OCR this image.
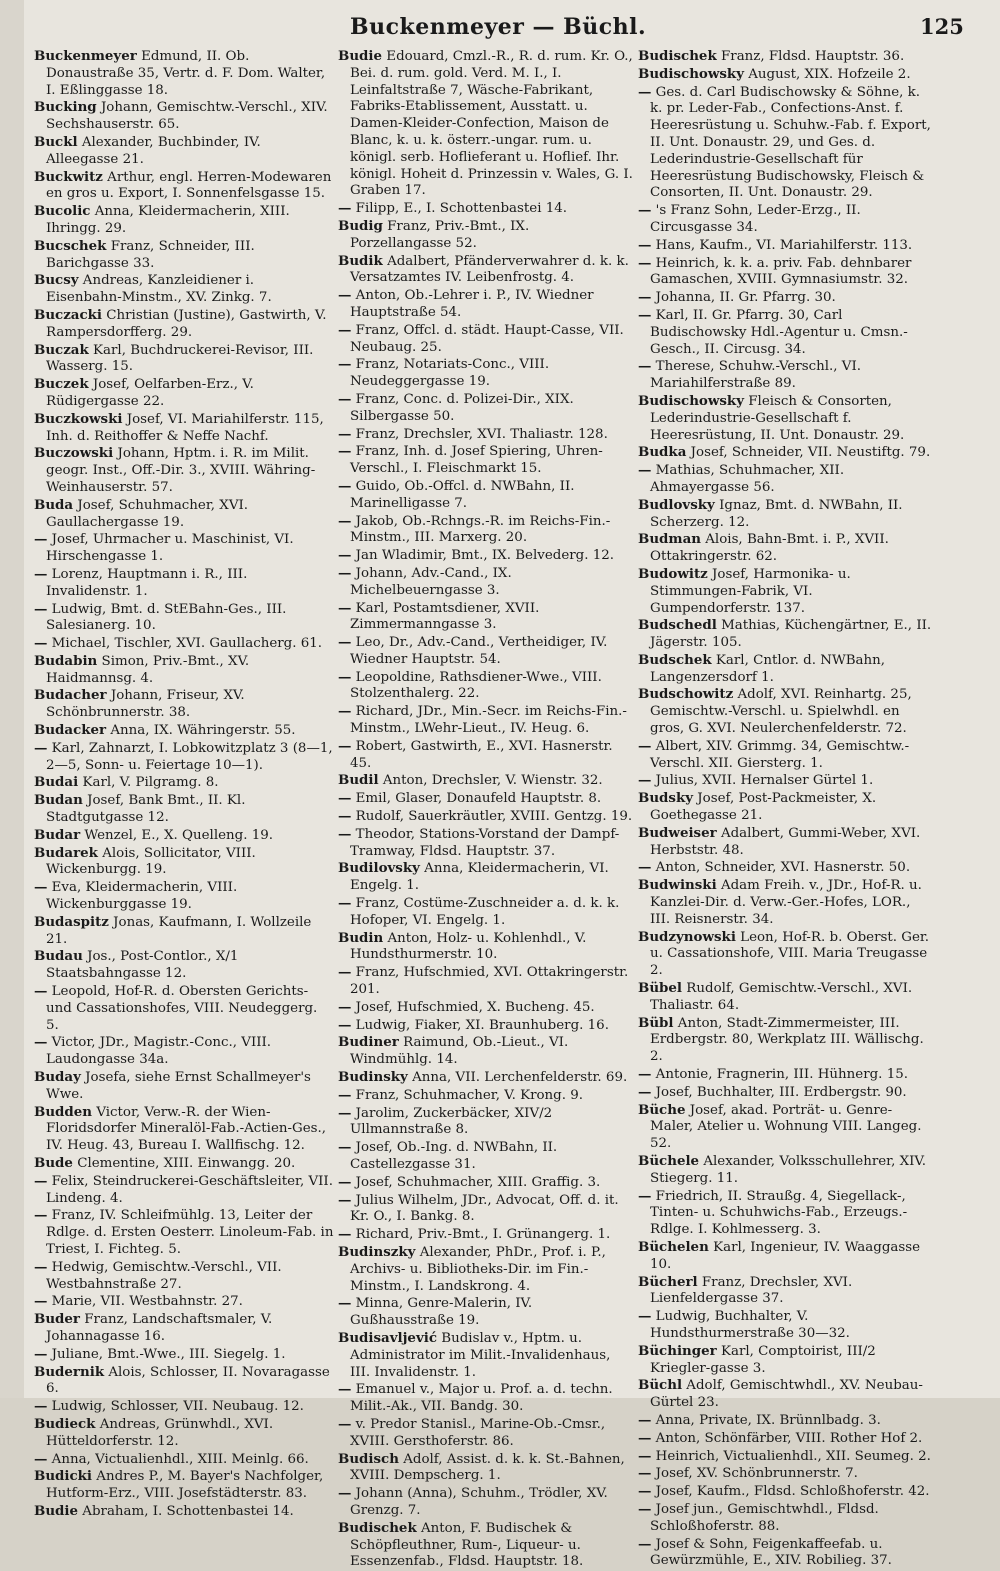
Buckenmeyer — Büchl.	125

Buckenmeyer Edmund, II. Ob. Donaustraße 35, Vertr. d. F. Dom. Walter, I. Eßlinggasse 18.

Bucking Johann, Gemischtw.-Verschl., XIV. Sechshauserstr. 65.

Buckl Alexander, Buchbinder, IV. Alleegasse 21.

Buckwitz Arthur, engl. Herren-Modewaren en gros u. Export, I. Sonnenfelsgasse 15.

Bucolic Anna, Kleidermacherin, XIII. Ihringg. 29.

Bucschek Franz, Schneider, III. Barichgasse 33.

Bucsy Andreas, Kanzleidiener i. Eisenbahn-Minstm., XV. Zinkg. 7.

Buczacki Christian (Justine), Gastwirth, V. Rampersdorfferg. 29.

Buczak Karl, Buchdruckerei-Revisor, III. Wasserg. 15.

Buczek Josef, Oelfarben-Erz., V. Rüdigergasse 22.

Buczkowski Josef, VI. Mariahilferstr. 115, Inh. d. Reithoffer & Neffe Nachf.

Buczowski Johann, Hptm. i. R. im Milit. geogr. Inst., Off.-Dir. 3., XVIII. Währing-Weinhauserstr. 57.

Buda Josef, Schuhmacher, XVI. Gaullachergasse 19.

— Josef, Uhrmacher u. Maschinist, VI. Hirschengasse 1.

— Lorenz, Hauptmann i. R., III. Invalidenstr. 1.

— Ludwig, Bmt. d. StEBahn-Ges., III. Salesianerg. 10.

— Michael, Tischler, XVI. Gaullacherg. 61.

Budabin Simon, Priv.-Bmt., XV. Haidmannsg. 4.

Budacher Johann, Friseur, XV. Schönbrunnerstr. 38.

Budacker Anna, IX. Währingerstr. 55.

— Karl, Zahnarzt, I. Lobkowitzplatz 3 (8—1, 2—5, Sonn- u. Feiertage 10—1).

Budai Karl, V. Pilgramg. 8.

Budan Josef, Bank Bmt., II. Kl. Stadtgutgasse 12.

Budar Wenzel, E., X. Quelleng. 19.

Budarek Alois, Sollicitator, VIII. Wickenburgg. 19.

— Eva, Kleidermacherin, VIII. Wickenburggasse 19.

Budaspitz Jonas, Kaufmann, I. Wollzeile 21.

Budau Jos., Post-Contlor., X/1 Staatsbahngasse 12.

— Leopold, Hof-R. d. Obersten Gerichts- und Cassationshofes, VIII. Neudeggerg. 5.

— Victor, JDr., Magistr.-Conc., VIII. Laudongasse 34a.

Buday Josefa, siehe Ernst Schallmeyer's Wwe.

Budden Victor, Verw.-R. der Wien-Floridsdorfer Mineralöl-Fab.-Actien-Ges., IV. Heug. 43, Bureau I. Wallfischg. 12.

Bude Clementine, XIII. Einwangg. 20.

— Felix, Steindruckerei-Geschäftsleiter, VII. Lindeng. 4.

— Franz, IV. Schleifmühlg. 13, Leiter der Rdlge. d. Ersten Oesterr. Linoleum-Fab. in Triest, I. Fichteg. 5.

— Hedwig, Gemischtw.-Verschl., VII. Westbahnstraße 27.

— Marie, VII. Westbahnstr. 27.

Buder Franz, Landschaftsmaler, V. Johannagasse 16.

— Juliane, Bmt.-Wwe., III. Siegelg. 1.

Budernik Alois, Schlosser, II. Novaragasse 6.

— Ludwig, Schlosser, VII. Neubaug. 12.

Budieck Andreas, Grünwhdl., XVI. Hütteldorferstr. 12.

— Anna, Victualienhdl., XIII. Meinlg. 66.

Budicki Andres P., M. Bayer's Nachfolger, Hutform-Erz., VIII. Josefstädterstr. 83.

Budie Abraham, I. Schottenbastei 14.

Budie Edouard, Cmzl.-R., R. d. rum. Kr. O., Bei. d. rum. gold. Verd. M. I., I. Leinfaltstraße 7, Wäsche-Fabrikant, Fabriks-Etablissement, Ausstatt. u. Damen-Kleider-Confection, Maison de Blanc, k. u. k. österr.-ungar. rum. u. königl. serb. Hoflieferant u. Hoflief. Ihr. königl. Hoheit d. Prinzessin v. Wales, G. I. Graben 17.

— Filipp, E., I. Schottenbastei 14.

Budig Franz, Priv.-Bmt., IX. Porzellangasse 52.

Budik Adalbert, Pfänderverwahrer d. k. k. Versatzamtes IV. Leibenfrostg. 4.

— Anton, Ob.-Lehrer i. P., IV. Wiedner Hauptstraße 54.

— Franz, Offcl. d. städt. Haupt-Casse, VII. Neubaug. 25.

— Franz, Notariats-Conc., VIII. Neudeggergasse 19.

— Franz, Conc. d. Polizei-Dir., XIX. Silbergasse 50.

— Franz, Drechsler, XVI. Thaliastr. 128.

— Franz, Inh. d. Josef Spiering, Uhren-Verschl., I. Fleischmarkt 15.

— Guido, Ob.-Offcl. d. NWBahn, II. Marinelligasse 7.

— Jakob, Ob.-Rchngs.-R. im Reichs-Fin.-Minstm., III. Marxerg. 20.

— Jan Wladimir, Bmt., IX. Belvederg. 12.

— Johann, Adv.-Cand., IX. Michelbeuerngasse 3.

— Karl, Postamtsdiener, XVII. Zimmermanngasse 3.

— Leo, Dr., Adv.-Cand., Vertheidiger, IV. Wiedner Hauptstr. 54.

— Leopoldine, Rathsdiener-Wwe., VIII. Stolzenthalerg. 22.

— Richard, JDr., Min.-Secr. im Reichs-Fin.-Minstm., LWehr-Lieut., IV. Heug. 6.

— Robert, Gastwirth, E., XVI. Hasnerstr. 45.

Budil Anton, Drechsler, V. Wienstr. 32.

— Emil, Glaser, Donaufeld Hauptstr. 8.

— Rudolf, Sauerkräutler, XVIII. Gentzg. 19.

— Theodor, Stations-Vorstand der Dampf-Tramway, Fldsd. Hauptstr. 37.

Budilovsky Anna, Kleidermacherin, VI. Engelg. 1.

— Franz, Costüme-Zuschneider a. d. k. k. Hofoper, VI. Engelg. 1.

Budin Anton, Holz- u. Kohlenhdl., V. Hundsthurmerstr. 10.

— Franz, Hufschmied, XVI. Ottakringerstr. 201.

— Josef, Hufschmied, X. Bucheng. 45.

— Ludwig, Fiaker, XI. Braunhuberg. 16.

Budiner Raimund, Ob.-Lieut., VI. Windmühlg. 14.

Budinsky Anna, VII. Lerchenfelderstr. 69.

— Franz, Schuhmacher, V. Krong. 9.

— Jarolim, Zuckerbäcker, XIV/2 Ullmannstraße 8.

— Josef, Ob.-Ing. d. NWBahn, II. Castellezgasse 31.

— Josef, Schuhmacher, XIII. Graffig. 3.

— Julius Wilhelm, JDr., Advocat, Off. d. it. Kr. O., I. Bankg. 8.

— Richard, Priv.-Bmt., I. Grünangerg. 1.

Budinszky Alexander, PhDr., Prof. i. P., Archivs- u. Bibliotheks-Dir. im Fin.-Minstm., I. Landskrong. 4.

— Minna, Genre-Malerin, IV. Gußhausstraße 19.

Budisavljević Budislav v., Hptm. u. Administrator im Milit.-Invalidenhaus, III. Invalidenstr. 1.

— Emanuel v., Major u. Prof. a. d. techn. Milit.-Ak., VII. Bandg. 30.

— v. Predor Stanisl., Marine-Ob.-Cmsr., XVIII. Gersthoferstr. 86.

Budisch Adolf, Assist. d. k. k. St.-Bahnen, XVIII. Dempscherg. 1.

— Johann (Anna), Schuhm., Trödler, XV. Grenzg. 7.

Budischek Anton, F. Budischek & Schöpfleuthner, Rum-, Liqueur- u. Essenzenfab., Fldsd. Hauptstr. 18.

Budischek Franz, Fldsd. Hauptstr. 36.

Budischowsky August, XIX. Hofzeile 2.

— Ges. d. Carl Budischowsky & Söhne, k. k. pr. Leder-Fab., Confections-Anst. f. Heeresrüstung u. Schuhw.-Fab. f. Export, II. Unt. Donaustr. 29, und Ges. d. Lederindustrie-Gesellschaft für Heeresrüstung Budischowsky, Fleisch & Consorten, II. Unt. Donaustr. 29.

— 's Franz Sohn, Leder-Erzg., II. Circusgasse 34.

— Hans, Kaufm., VI. Mariahilferstr. 113.

— Heinrich, k. k. a. priv. Fab. dehnbarer Gamaschen, XVIII. Gymnasiumstr. 32.

— Johanna, II. Gr. Pfarrg. 30.

— Karl, II. Gr. Pfarrg. 30, Carl Budischowsky Hdl.-Agentur u. Cmsn.-Gesch., II. Circusg. 34.

— Therese, Schuhw.-Verschl., VI. Mariahilferstraße 89.

Budischowsky Fleisch & Consorten, Lederindustrie-Gesellschaft f. Heeresrüstung, II. Unt. Donaustr. 29.

Budka Josef, Schneider, VII. Neustiftg. 79.

— Mathias, Schuhmacher, XII. Ahmayergasse 56.

Budlovsky Ignaz, Bmt. d. NWBahn, II. Scherzerg. 12.

Budman Alois, Bahn-Bmt. i. P., XVII. Ottakringerstr. 62.

Budowitz Josef, Harmonika- u. Stimmungen-Fabrik, VI. Gumpendorferstr. 137.

Budschedl Mathias, Küchengärtner, E., II. Jägerstr. 105.

Budschek Karl, Cntlor. d. NWBahn, Langenzersdorf 1.

Budschowitz Adolf, XVI. Reinhartg. 25, Gemischtw.-Verschl. u. Spielwhdl. en gros, G. XVI. Neulerchenfelderstr. 72.

— Albert, XIV. Grimmg. 34, Gemischtw.-Verschl. XII. Giersterg. 1.

— Julius, XVII. Hernalser Gürtel 1.

Budsky Josef, Post-Packmeister, X. Goethegasse 21.

Budweiser Adalbert, Gummi-Weber, XVI. Herbststr. 48.

— Anton, Schneider, XVI. Hasnerstr. 50.

Budwinski Adam Freih. v., JDr., Hof-R. u. Kanzlei-Dir. d. Verw.-Ger.-Hofes, LOR., III. Reisnerstr. 34.

Budzynowski Leon, Hof-R. b. Oberst. Ger. u. Cassationshofe, VIII. Maria Treugasse 2.

Bübel Rudolf, Gemischtw.-Verschl., XVI. Thaliastr. 64.

Bübl Anton, Stadt-Zimmermeister, III. Erdbergstr. 80, Werkplatz III. Wällischg. 2.

— Antonie, Fragnerin, III. Hühnerg. 15.

— Josef, Buchhalter, III. Erdbergstr. 90.

Büche Josef, akad. Porträt- u. Genre-Maler, Atelier u. Wohnung VIII. Langeg. 52.

Büchele Alexander, Volksschullehrer, XIV. Stiegerg. 11.

— Friedrich, II. Straußg. 4, Siegellack-, Tinten- u. Schuhwichs-Fab., Erzeugs.-Rdlge. I. Kohlmesserg. 3.

Büchelen Karl, Ingenieur, IV. Waaggasse 10.

Bücherl Franz, Drechsler, XVI. Lienfeldergasse 37.

— Ludwig, Buchhalter, V. Hundsthurmerstraße 30—32.

Büchinger Karl, Comptoirist, III/2 Kriegler-gasse 3.

Büchl Adolf, Gemischtwhdl., XV. Neubau-Gürtel 23.

— Anna, Private, IX. Brünnlbadg. 3.

— Anton, Schönfärber, VIII. Rother Hof 2.

— Heinrich, Victualienhdl., XII. Seumeg. 2.

— Josef, XV. Schönbrunnerstr. 7.

— Josef, Kaufm., Fldsd. Schloßhoferstr. 42.

— Josef jun., Gemischtwhdl., Fldsd. Schloßhoferstr. 88.

— Josef & Sohn, Feigenkaffeefab. u. Gewürzmühle, E., XIV. Robilieg. 37.
